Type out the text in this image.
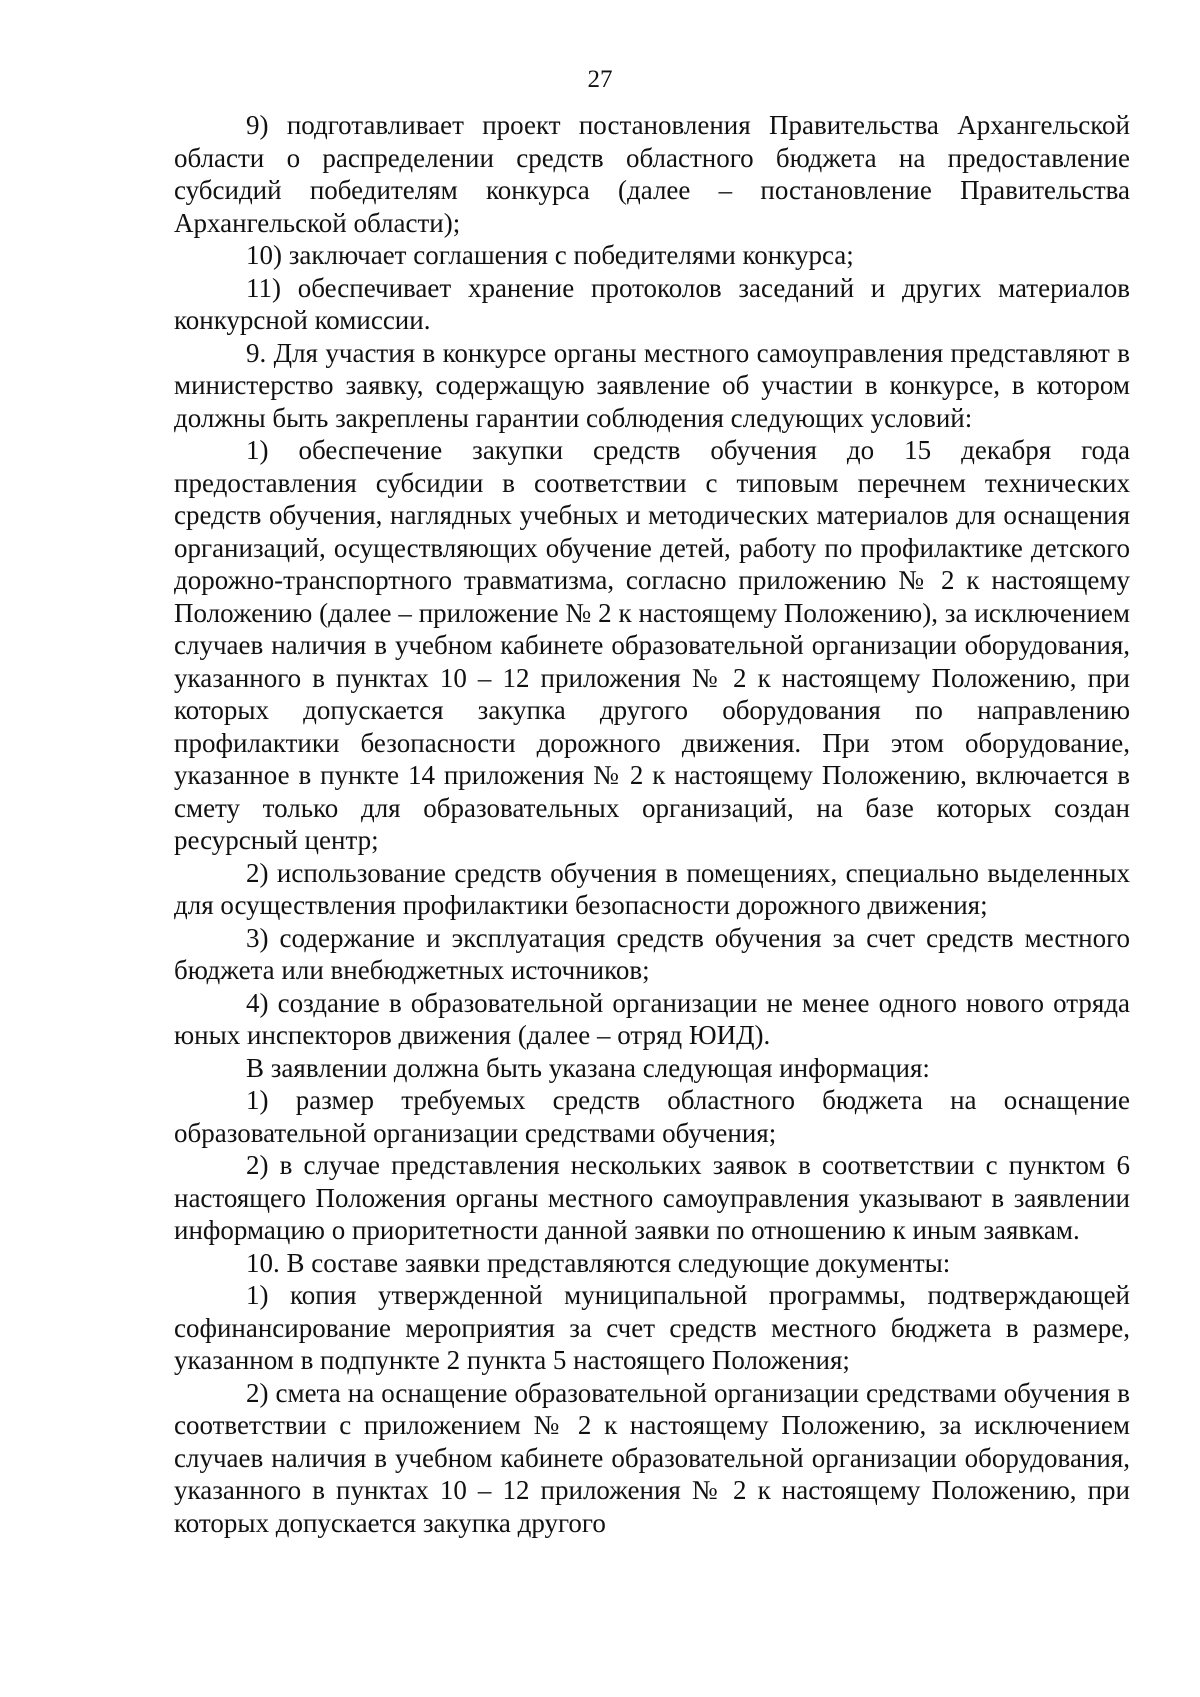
27

9) подготавливает проект постановления Правительства Архангельской области о распределении средств областного бюджета на предоставление субсидий победителям конкурса (далее – постановление Правительства Архангельской области);

10) заключает соглашения с победителями конкурса;

11) обеспечивает хранение протоколов заседаний и других материалов конкурсной комиссии.

9. Для участия в конкурсе органы местного самоуправления представляют в министерство заявку, содержащую заявление об участии в конкурсе, в котором должны быть закреплены гарантии соблюдения следующих условий:

1) обеспечение закупки средств обучения до 15 декабря года предоставления субсидии в соответствии с типовым перечнем технических средств обучения, наглядных учебных и методических материалов для оснащения организаций, осуществляющих обучение детей, работу по профилактике детского дорожно-транспортного травматизма, согласно приложению № 2 к настоящему Положению (далее – приложение № 2 к настоящему Положению), за исключением случаев наличия в учебном кабинете образовательной организации оборудования, указанного в пунктах 10 – 12 приложения № 2 к настоящему Положению, при которых допускается закупка другого оборудования по направлению профилактики безопасности дорожного движения. При этом оборудование, указанное в пункте 14 приложения № 2 к настоящему Положению, включается в смету только для образовательных организаций, на базе которых создан ресурсный центр;

2) использование средств обучения в помещениях, специально выделенных для осуществления профилактики безопасности дорожного движения;

3) содержание и эксплуатация средств обучения за счет средств местного бюджета или внебюджетных источников;

4) создание в образовательной организации не менее одного нового отряда юных инспекторов движения (далее – отряд ЮИД).

В заявлении должна быть указана следующая информация:

1) размер требуемых средств областного бюджета на оснащение образовательной организации средствами обучения;

2) в случае представления нескольких заявок в соответствии с пунктом 6 настоящего Положения органы местного самоуправления указывают в заявлении информацию о приоритетности данной заявки по отношению к иным заявкам.

10. В составе заявки представляются следующие документы:

1) копия утвержденной муниципальной программы, подтверждающей софинансирование мероприятия за счет средств местного бюджета в размере, указанном в подпункте 2 пункта 5 настоящего Положения;

2) смета на оснащение образовательной организации средствами обучения в соответствии с приложением № 2 к настоящему Положению, за исключением случаев наличия в учебном кабинете образовательной организации оборудования, указанного в пунктах 10 – 12 приложения № 2 к настоящему Положению, при которых допускается закупка другого
